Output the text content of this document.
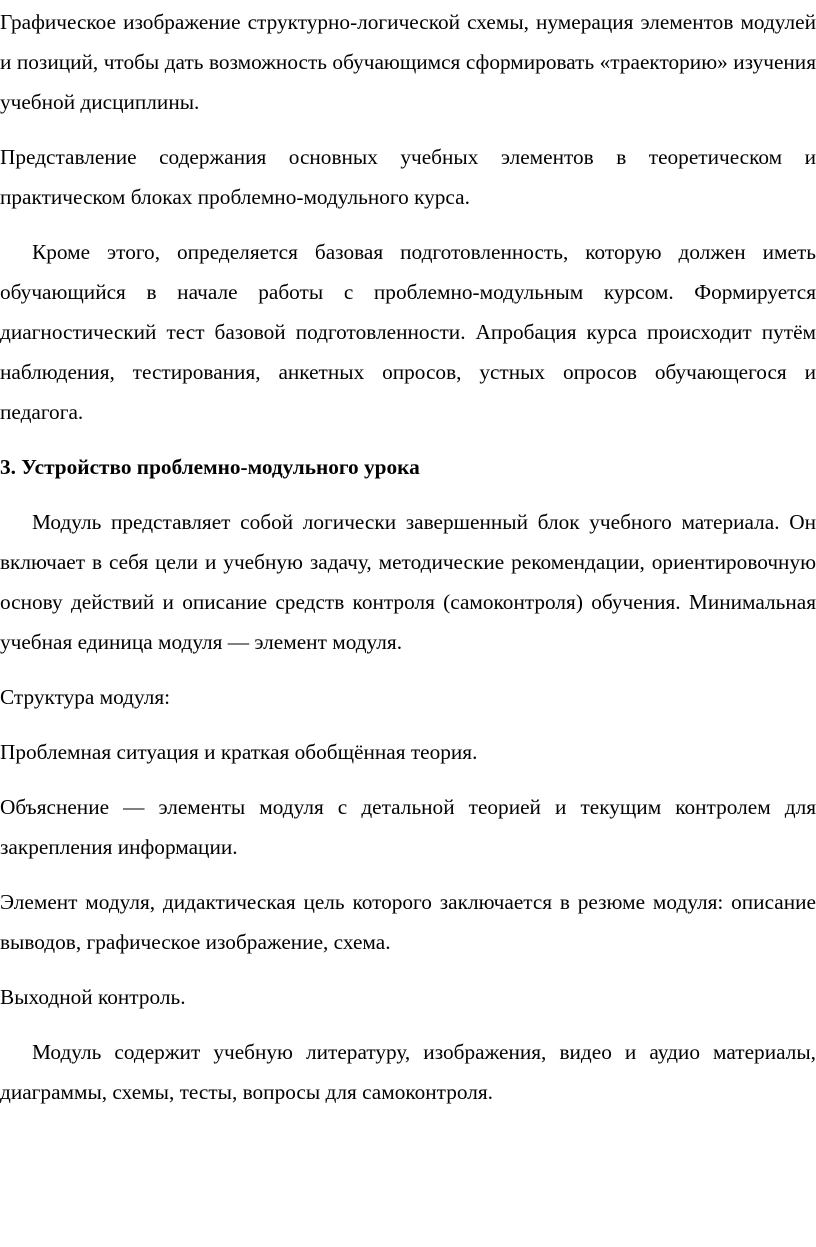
Графическое изображение структурно-логической схемы, нумерация элементов модулей и позиций, чтобы дать возможность обучающимся сформировать «траекторию» изучения учебной дисциплины.

Представление содержания основных учебных элементов в теоретическом и практическом блоках проблемно-модульного курса.

Кроме этого, определяется базовая подготовленность, которую должен иметь обучающийся в начале работы с проблемно-модульным курсом. Формируется диагностический тест базовой подготовленности. Апробация курса происходит путём наблюдения, тестирования, анкетных опросов, устных опросов обучающегося и педагога.

3. Устройство проблемно-модульного урока

Модуль представляет собой логически завершенный блок учебного материала. Он включает в себя цели и учебную задачу, методические рекомендации, ориентировочную основу действий и описание средств контроля (самоконтроля) обучения. Минимальная учебная единица модуля — элемент модуля.

Структура модуля:

Проблемная ситуация и краткая обобщённая теория.

Объяснение — элементы модуля с детальной теорией и текущим контролем для закрепления информации.

Элемент модуля, дидактическая цель которого заключается в резюме модуля: описание выводов, графическое изображение, схема.

Выходной контроль.

Модуль содержит учебную литературу, изображения, видео и аудио материалы, диаграммы, схемы, тесты, вопросы для самоконтроля.
